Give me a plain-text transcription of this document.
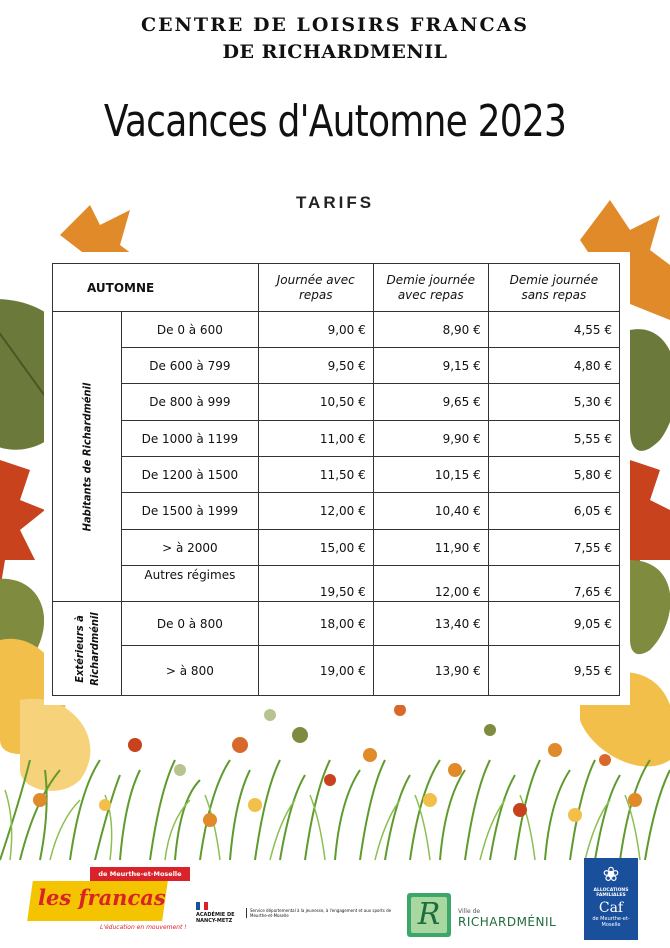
CENTRE DE LOISIRS FRANCAS
DE RICHARDMENIL
Vacances d'Automne 2023
TARIFS
AUTOMNE		Journée avec repas	Demie journée avec repas	Demie journée sans repas

Habitants de Richardménil	De 0 à 600	9,00 €	8,90 €	4,55 €
	De 600 à 799	9,50 €	9,15 €	4,80 €
	De 800 à 999	10,50 €	9,65 €	5,30 €
	De 1000 à 1199	11,00 €	9,90 €	5,55 €
	De 1200 à 1500	11,50 €	10,15 €	5,80 €
	De 1500 à 1999	12,00 €	10,40 €	6,05 €
	> à 2000	15,00 €	11,90 €	7,55 €
	Autres régimes	19,50 €	12,00 €	7,65 €

Extérieurs à Richardménil	De 0 à 800	18,00 €	13,40 €	9,05 €
	> à 800	19,00 €	13,90 €	9,55 €
de Meurthe-et-Moselle
les francas
L'éducation en mouvement !
ACADÉMIE DE NANCY-METZ
Service départemental à la jeunesse, à l'engagement et aux sports de Meurthe-et-Moselle	R	Ville de
RICHARDMÉNIL
❀
ALLOCATIONS FAMILIALES
Caf
de Meurthe-et-Moselle
